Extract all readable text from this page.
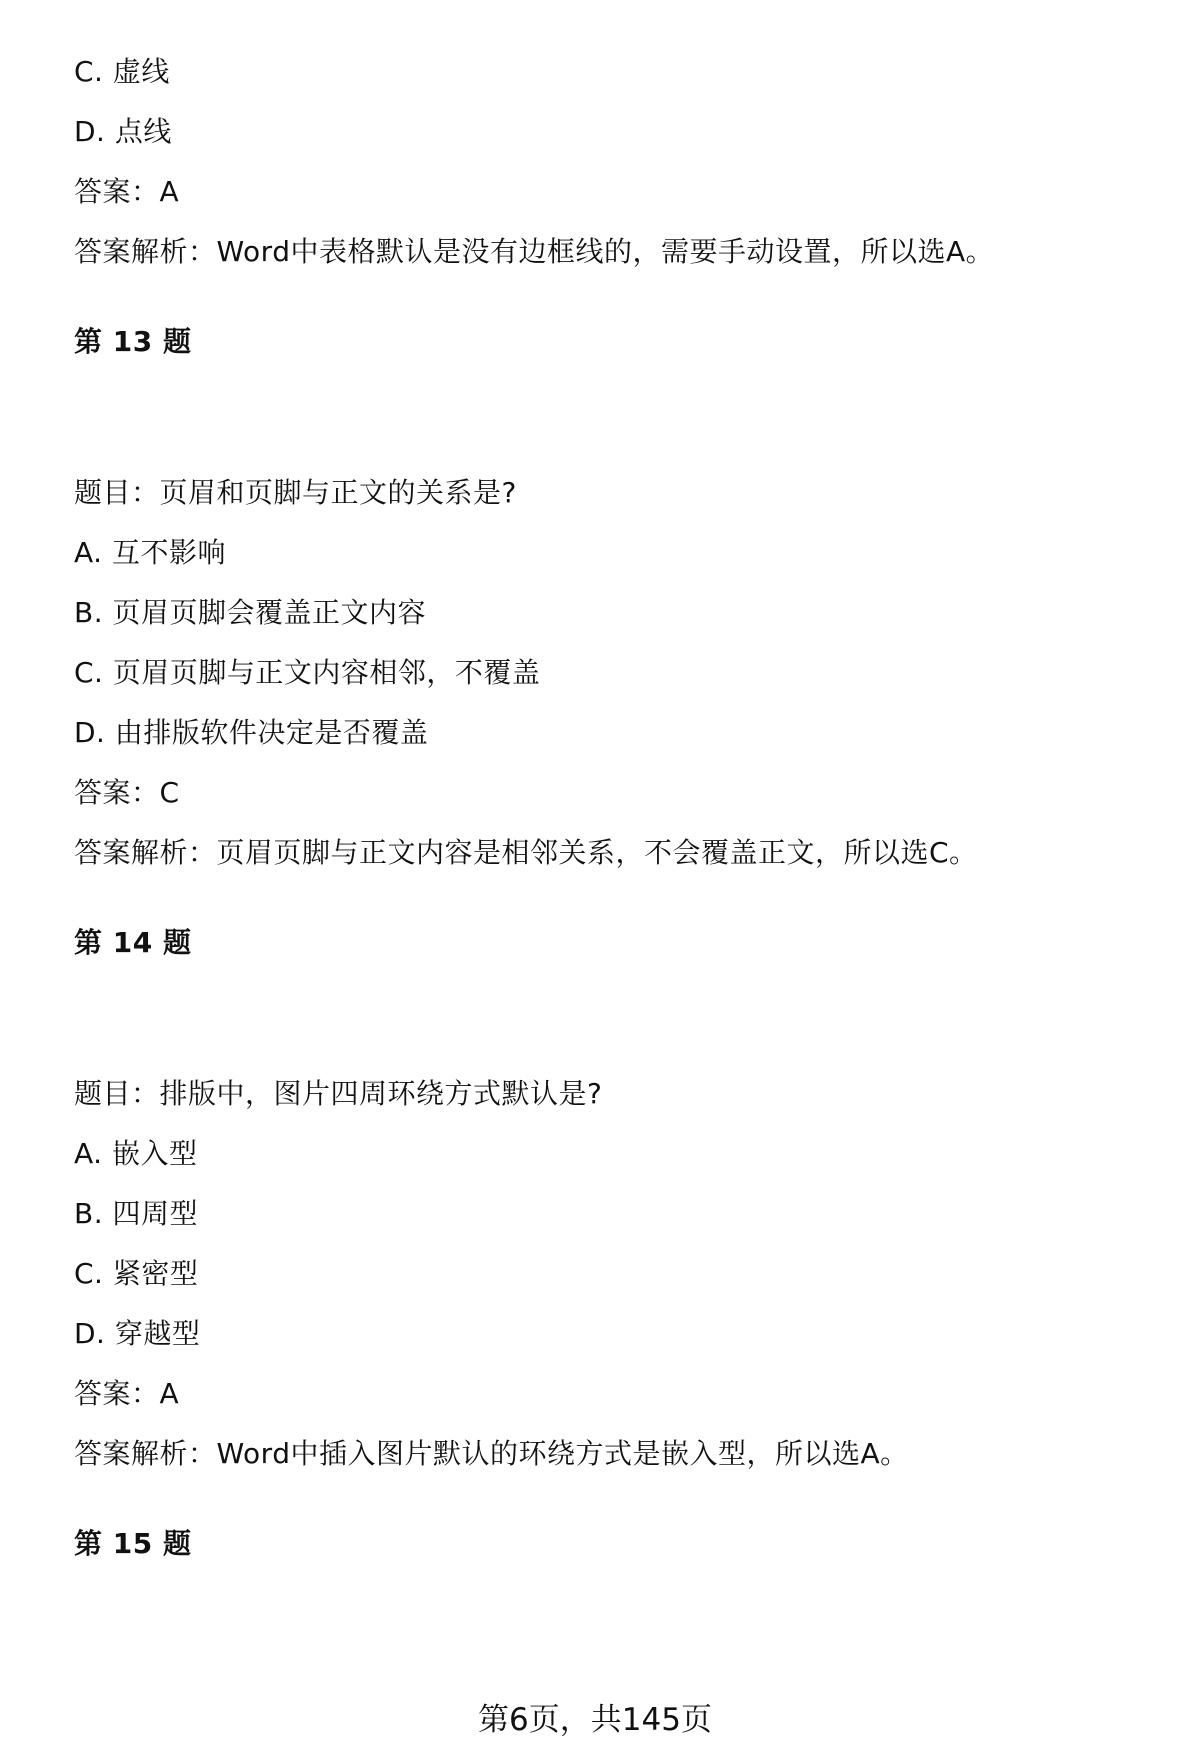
C. 虚线
D. 点线
答案：A
答案解析：Word中表格默认是没有边框线的，需要手动设置，所以选A。
第 13 题
题目：页眉和页脚与正文的关系是?
A. 互不影响
B. 页眉页脚会覆盖正文内容
C. 页眉页脚与正文内容相邻，不覆盖
D. 由排版软件决定是否覆盖
答案：C
答案解析：页眉页脚与正文内容是相邻关系，不会覆盖正文，所以选C。
第 14 题
题目：排版中，图片四周环绕方式默认是?
A. 嵌入型
B. 四周型
C. 紧密型
D. 穿越型
答案：A
答案解析：Word中插入图片默认的环绕方式是嵌入型，所以选A。
第 15 题
第6页，共145页
